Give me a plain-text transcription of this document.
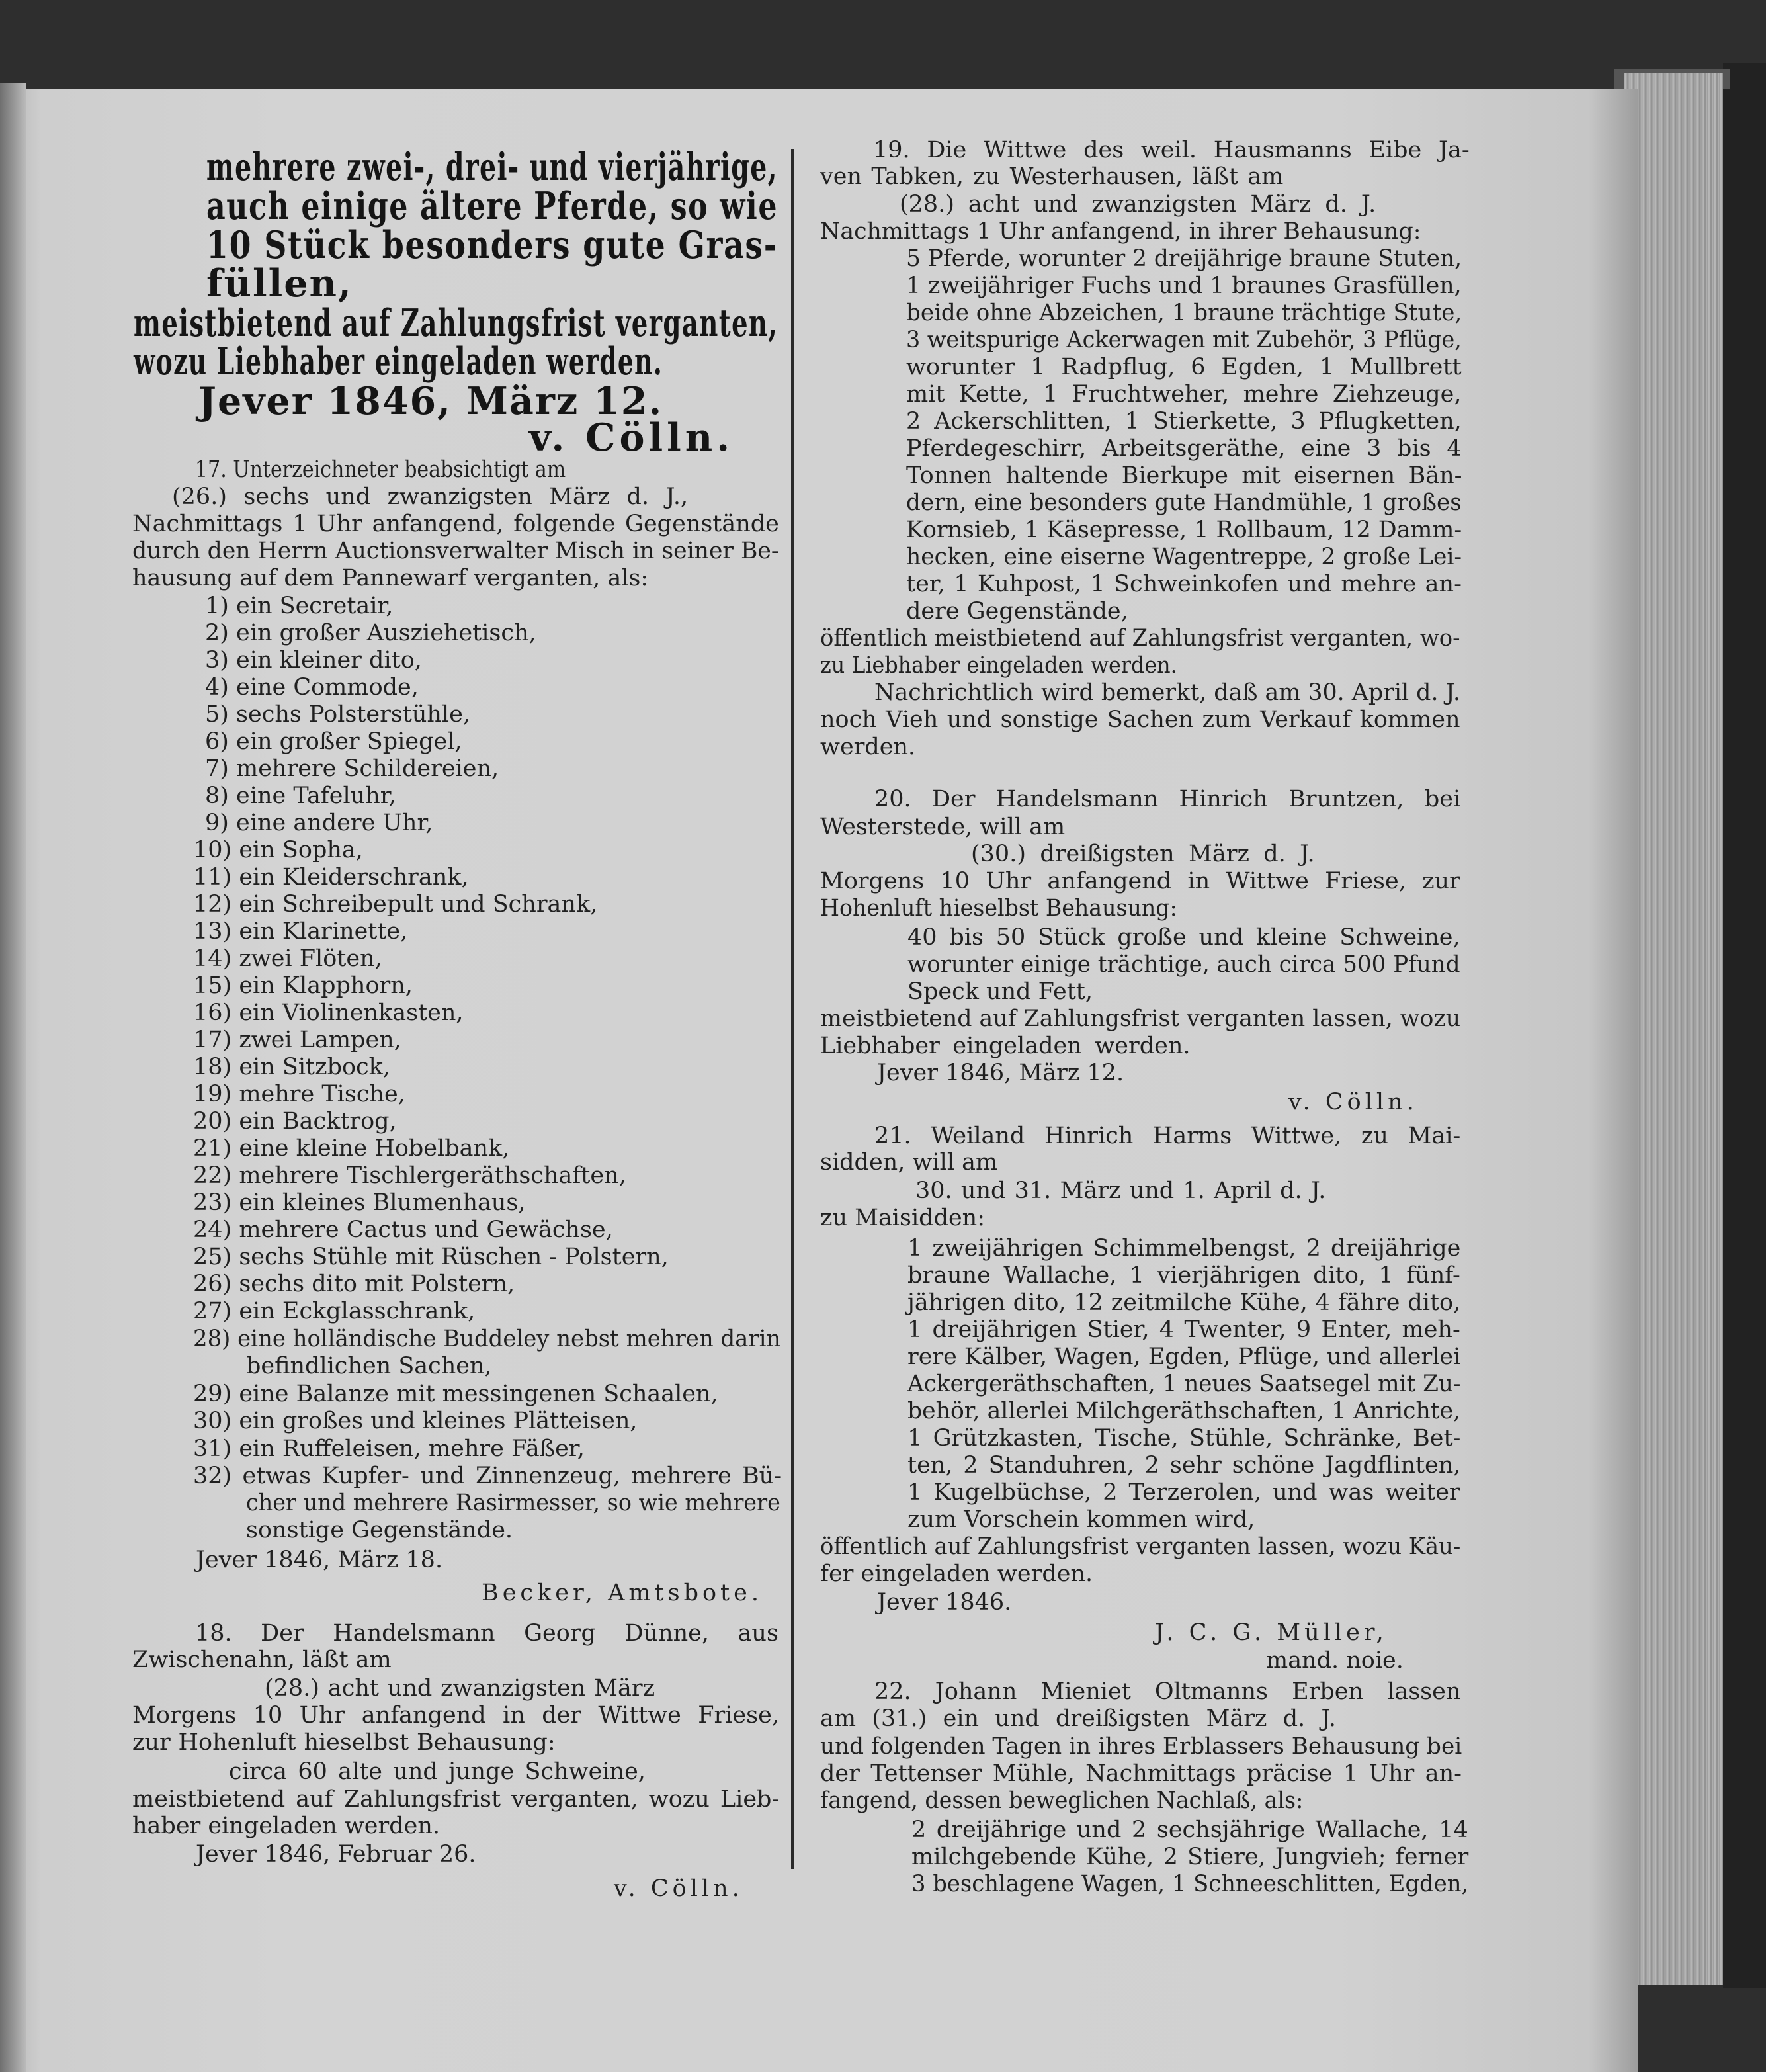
mehrere zwei-, drei- und vierjährige,
auch einige ältere Pferde, so wie
10 Stück besonders gute Gras-
füllen,
meistbietend auf Zahlungsfrist verganten,
wozu Liebhaber eingeladen werden.
Jever 1846, März 12.
v. Cölln.
17. Unterzeichneter beabsichtigt am
(26.) sechs und zwanzigsten März d. J.,
Nachmittags 1 Uhr anfangend, folgende Gegenstände
durch den Herrn Auctionsverwalter Misch in seiner Be-
hausung auf dem Pannewarf verganten, als:
1) ein Secretair,
2) ein großer Ausziehetisch,
3) ein kleiner dito,
4) eine Commode,
5) sechs Polsterstühle,
6) ein großer Spiegel,
7) mehrere Schildereien,
8) eine Tafeluhr,
9) eine andere Uhr,
10) ein Sopha,
11) ein Kleiderschrank,
12) ein Schreibepult und Schrank,
13) ein Klarinette,
14) zwei Flöten,
15) ein Klapphorn,
16) ein Violinenkasten,
17) zwei Lampen,
18) ein Sitzbock,
19) mehre Tische,
20) ein Backtrog,
21) eine kleine Hobelbank,
22) mehrere Tischlergeräthschaften,
23) ein kleines Blumenhaus,
24) mehrere Cactus und Gewächse,
25) sechs Stühle mit Rüschen - Polstern,
26) sechs dito mit Polstern,
27) ein Eckglasschrank,
28) eine holländische Buddeley nebst mehren darin
befindlichen Sachen,
29) eine Balanze mit messingenen Schaalen,
30) ein großes und kleines Plätteisen,
31) ein Ruffeleisen, mehre Fäßer,
32) etwas Kupfer- und Zinnenzeug, mehrere Bü-
cher und mehrere Rasirmesser, so wie mehrere
sonstige Gegenstände.
Jever 1846, März 18.
Becker, Amtsbote.
18. Der Handelsmann Georg Dünne, aus
Zwischenahn, läßt am
(28.) acht und zwanzigsten März
Morgens 10 Uhr anfangend in der Wittwe Friese,
zur Hohenluft hieselbst Behausung:
circa 60 alte und junge Schweine,
meistbietend auf Zahlungsfrist verganten, wozu Lieb-
haber eingeladen werden.
Jever 1846, Februar 26.
v. Cölln.
19. Die Wittwe des weil. Hausmanns Eibe Ja-
ven Tabken, zu Westerhausen, läßt am
(28.) acht und zwanzigsten März d. J.
Nachmittags 1 Uhr anfangend, in ihrer Behausung:
5 Pferde, worunter 2 dreijährige braune Stuten,
1 zweijähriger Fuchs und 1 braunes Grasfüllen,
beide ohne Abzeichen, 1 braune trächtige Stute,
3 weitspurige Ackerwagen mit Zubehör, 3 Pflüge,
worunter 1 Radpflug, 6 Egden, 1 Mullbrett
mit Kette, 1 Fruchtweher, mehre Ziehzeuge,
2 Ackerschlitten, 1 Stierkette, 3 Pflugketten,
Pferdegeschirr, Arbeitsgeräthe, eine 3 bis 4
Tonnen haltende Bierkupe mit eisernen Bän-
dern, eine besonders gute Handmühle, 1 großes
Kornsieb, 1 Käsepresse, 1 Rollbaum, 12 Damm-
hecken, eine eiserne Wagentreppe, 2 große Lei-
ter, 1 Kuhpost, 1 Schweinkofen und mehre an-
dere Gegenstände,
öffentlich meistbietend auf Zahlungsfrist verganten, wo-
zu Liebhaber eingeladen werden.
Nachrichtlich wird bemerkt, daß am 30. April d. J.
noch Vieh und sonstige Sachen zum Verkauf kommen
werden.
20. Der Handelsmann Hinrich Bruntzen, bei
Westerstede, will am
(30.) dreißigsten März d. J.
Morgens 10 Uhr anfangend in Wittwe Friese, zur
Hohenluft hieselbst Behausung:
40 bis 50 Stück große und kleine Schweine,
worunter einige trächtige, auch circa 500 Pfund
Speck und Fett,
meistbietend auf Zahlungsfrist verganten lassen, wozu
Liebhaber eingeladen werden.
Jever 1846, März 12.
v. Cölln.
21. Weiland Hinrich Harms Wittwe, zu Mai-
sidden, will am
30. und 31. März und 1. April d. J.
zu Maisidden:
1 zweijährigen Schimmelbengst, 2 dreijährige
braune Wallache, 1 vierjährigen dito, 1 fünf-
jährigen dito, 12 zeitmilche Kühe, 4 fähre dito,
1 dreijährigen Stier, 4 Twenter, 9 Enter, meh-
rere Kälber, Wagen, Egden, Pflüge, und allerlei
Ackergeräthschaften, 1 neues Saatsegel mit Zu-
behör, allerlei Milchgeräthschaften, 1 Anrichte,
1 Grützkasten, Tische, Stühle, Schränke, Bet-
ten, 2 Standuhren, 2 sehr schöne Jagdflinten,
1 Kugelbüchse, 2 Terzerolen, und was weiter
zum Vorschein kommen wird,
öffentlich auf Zahlungsfrist verganten lassen, wozu Käu-
fer eingeladen werden.
Jever 1846.
J. C. G. Müller,
mand. noie.
22. Johann Mieniet Oltmanns Erben lassen
am (31.) ein und dreißigsten März d. J.
und folgenden Tagen in ihres Erblassers Behausung bei
der Tettenser Mühle, Nachmittags präcise 1 Uhr an-
fangend, dessen beweglichen Nachlaß, als:
2 dreijährige und 2 sechsjährige Wallache, 14
milchgebende Kühe, 2 Stiere, Jungvieh; ferner
3 beschlagene Wagen, 1 Schneeschlitten, Egden,
